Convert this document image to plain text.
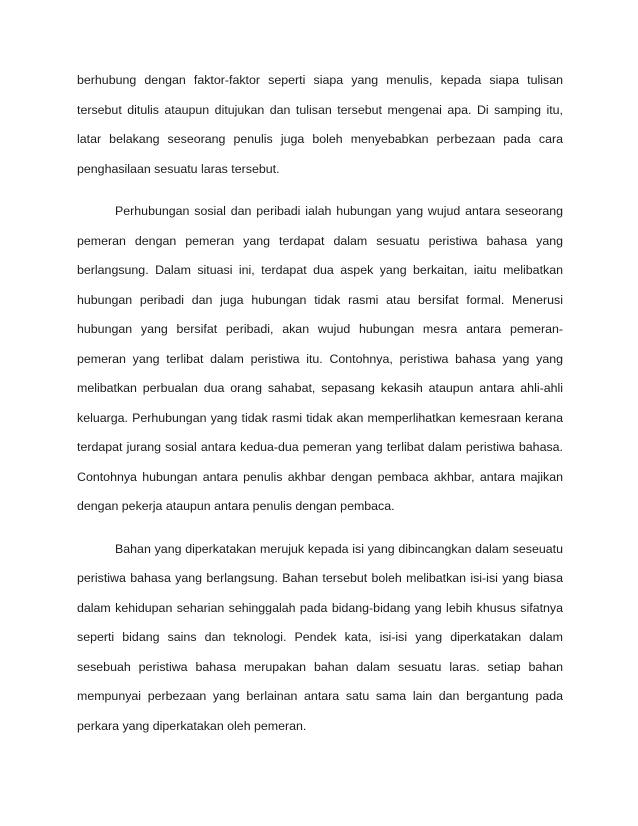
berhubung dengan faktor-faktor seperti siapa yang menulis, kepada siapa tulisan tersebut ditulis ataupun ditujukan dan tulisan tersebut mengenai apa. Di samping itu, latar belakang seseorang penulis juga boleh menyebabkan perbezaan pada cara penghasilaan sesuatu laras tersebut.

Perhubungan sosial dan peribadi ialah hubungan yang wujud antara seseorang pemeran dengan pemeran yang terdapat dalam sesuatu peristiwa bahasa yang berlangsung. Dalam situasi ini, terdapat dua aspek yang berkaitan, iaitu melibatkan hubungan peribadi dan juga hubungan tidak rasmi atau bersifat formal. Menerusi hubungan yang bersifat peribadi, akan wujud hubungan mesra antara pemeran-pemeran yang terlibat dalam peristiwa itu. Contohnya, peristiwa bahasa yang yang melibatkan perbualan dua orang sahabat, sepasang kekasih ataupun antara ahli-ahli keluarga. Perhubungan yang tidak rasmi tidak akan memperlihatkan kemesraan kerana terdapat jurang sosial antara kedua-dua pemeran yang terlibat dalam peristiwa bahasa. Contohnya hubungan antara penulis akhbar dengan pembaca akhbar, antara majikan dengan pekerja ataupun antara penulis dengan pembaca.

Bahan yang diperkatakan merujuk kepada isi yang dibincangkan dalam seseuatu peristiwa bahasa yang berlangsung. Bahan tersebut boleh melibatkan isi-isi yang biasa dalam kehidupan seharian sehinggalah pada bidang-bidang yang lebih khusus sifatnya seperti bidang sains dan teknologi. Pendek kata, isi-isi yang diperkatakan dalam sesebuah peristiwa bahasa merupakan bahan dalam sesuatu laras. setiap bahan mempunyai perbezaan yang berlainan antara satu sama lain dan bergantung pada perkara yang diperkatakan oleh pemeran.
